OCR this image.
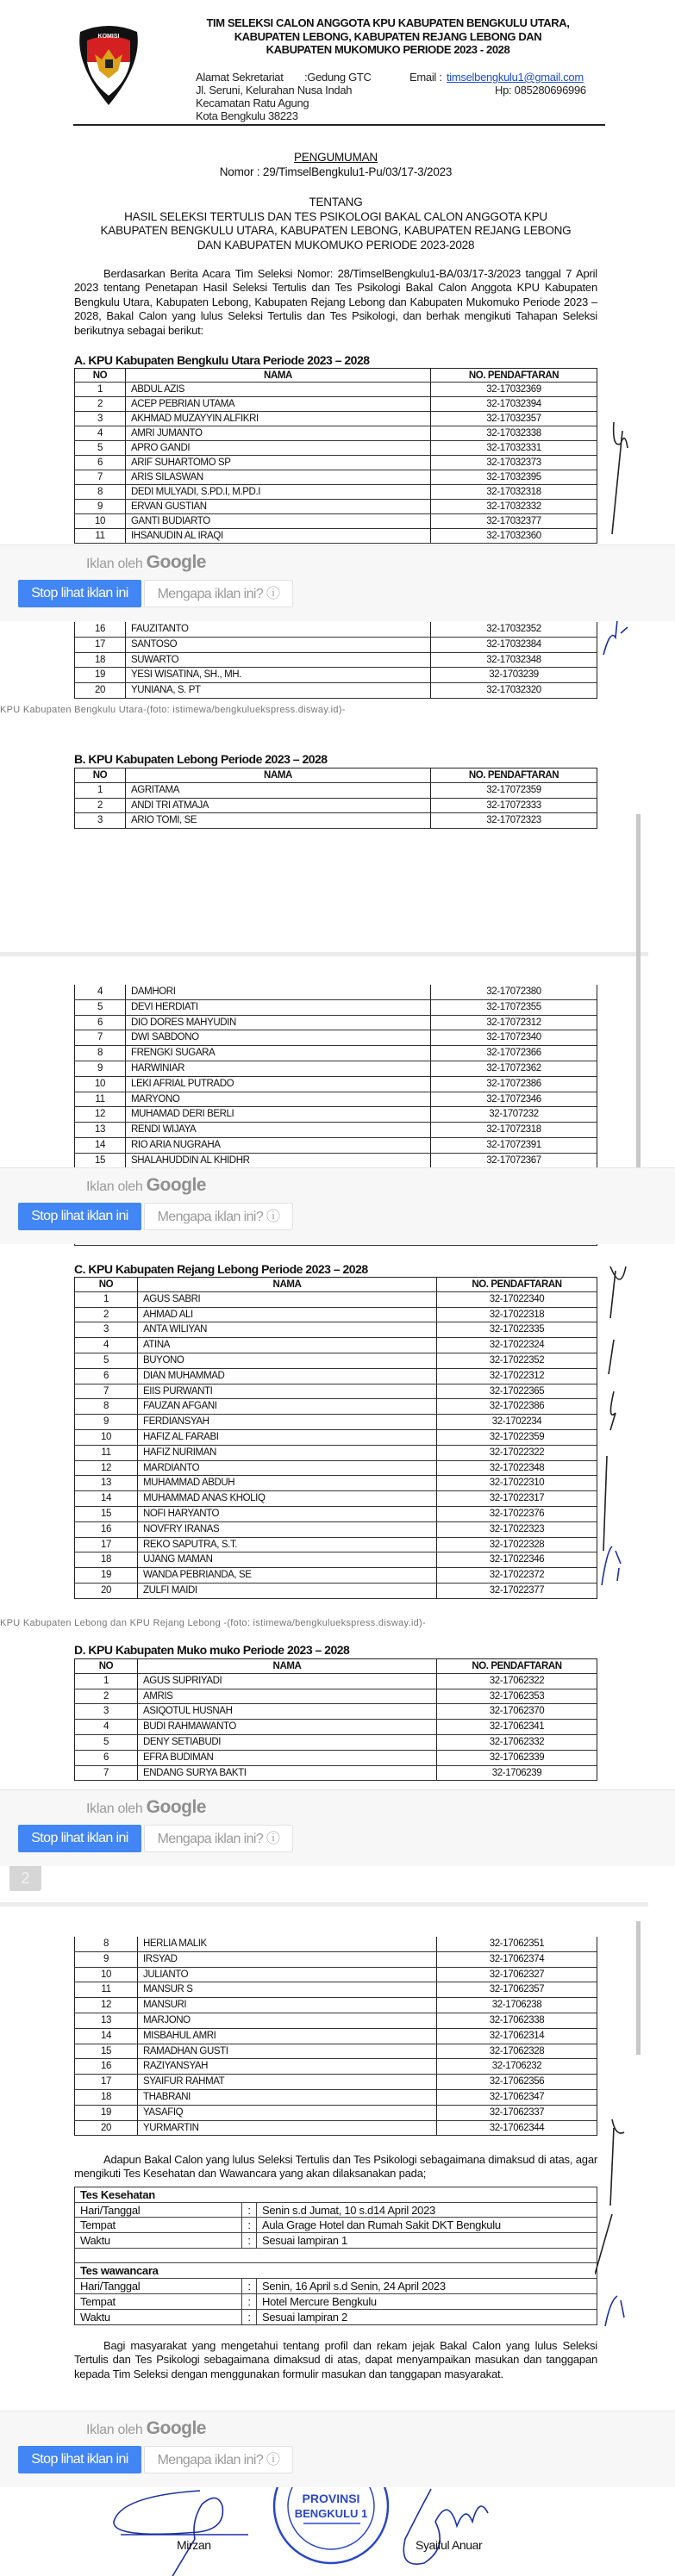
KOMISI
TIM SELEKSI CALON ANGGOTA KPU KABUPATEN BENGKULU UTARA,
KABUPATEN LEBONG, KABUPATEN REJANG LEBONG DAN
KABUPATEN MUKOMUKO PERIODE 2023 - 2028
Alamat Sekretariat :Gedung GTC
Jl. Seruni, Kelurahan Nusa Indah
Kecamatan Ratu Agung
Kota Bengkulu 38223
Email : timselbengkulu1@gmail.com
Hp: 085280696996
PENGUMUMAN
Nomor : 29/TimselBengkulu1-Pu/03/17-3/2023
TENTANG
HASIL SELEKSI TERTULIS DAN TES PSIKOLOGI BAKAL CALON ANGGOTA KPU
KABUPATEN BENGKULU UTARA, KABUPATEN LEBONG, KABUPATEN REJANG LEBONG
DAN KABUPATEN MUKOMUKO PERIODE 2023-2028
Berdasarkan Berita Acara Tim Seleksi Nomor: 28/TimselBengkulu1-BA/03/17-3/2023 tanggal 7 April 2023 tentang Penetapan Hasil Seleksi Tertulis dan Tes Psikologi Bakal Calon Anggota KPU Kabupaten Bengkulu Utara, Kabupaten Lebong, Kabupaten Rejang Lebong dan Kabupaten Mukomuko Periode 2023 – 2028, Bakal Calon yang lulus Seleksi Tertulis dan Tes Psikologi, dan berhak mengikuti Tahapan Seleksi berikutnya sebagai berikut:
A. KPU Kabupaten Bengkulu Utara Periode 2023 – 2028
NO	NAMA	NO. PENDAFTARAN
1	ABDUL AZIS	32-17032369
2	ACEP PEBRIAN UTAMA	32-17032394
3	AKHMAD MUZAYYIN ALFIKRI	32-17032357
4	AMRI JUMANTO	32-17032338
5	APRO GANDI	32-17032331
6	ARIF SUHARTOMO SP	32-17032373
7	ARIS SILASWAN	32-17032395
8	DEDI MULYADI, S.PD.I, M.PD.I	32-17032318
9	ERVAN GUSTIAN	32-17032332
10	GANTI BUDIARTO	32-17032377
11	IHSANUDIN AL IRAQI	32-17032360
16	FAUZITANTO	32-17032352
17	SANTOSO	32-17032384
18	SUWARTO	32-17032348
19	YESI WISATINA, SH., MH.	32-1703239
20	YUNIANA, S. PT	32-17032320
KPU Kabupaten Bengkulu Utara-(foto: istimewa/bengkuluekspress.disway.id)-
B. KPU Kabupaten Lebong Periode 2023 – 2028
NO	NAMA	NO. PENDAFTARAN
1	AGRITAMA	32-17072359
2	ANDI TRI ATMAJA	32-17072333
3	ARIO TOMI, SE	32-17072323
4	DAMHORI	32-17072380
5	DEVI HERDIATI	32-17072355
6	DIO DORES MAHYUDIN	32-17072312
7	DWI SABDONO	32-17072340
8	FRENGKI SUGARA	32-17072366
9	HARWINIAR	32-17072362
10	LEKI AFRIAL PUTRADO	32-17072386
11	MARYONO	32-17072346
12	MUHAMAD DERI BERLI	32-1707232
13	RENDI WIJAYA	32-17072318
14	RIO ARIA NUGRAHA	32-17072391
15	SHALAHUDDIN AL KHIDHR	32-17072367
C. KPU Kabupaten Rejang Lebong Periode 2023 – 2028
NO	NAMA	NO. PENDAFTARAN
1	AGUS SABRI	32-17022340
2	AHMAD ALI	32-17022318
3	ANTA WILIYAN	32-17022335
4	ATINA	32-17022324
5	BUYONO	32-17022352
6	DIAN MUHAMMAD	32-17022312
7	EIIS PURWANTI	32-17022365
8	FAUZAN AFGANI	32-17022386
9	FERDIANSYAH	32-1702234
10	HAFIZ AL FARABI	32-17022359
11	HAFIZ NURIMAN	32-17022322
12	MARDIANTO	32-17022348
13	MUHAMMAD ABDUH	32-17022310
14	MUHAMMAD ANAS KHOLIQ	32-17022317
15	NOFI HARYANTO	32-17022376
16	NOVFRY IRANAS	32-17022323
17	REKO SAPUTRA, S.T.	32-17022328
18	UJANG MAMAN	32-17022346
19	WANDA PEBRIANDA, SE	32-17022372
20	ZULFI MAIDI	32-17022377
KPU Kabupaten Lebong dan KPU Rejang Lebong -(foto: istimewa/bengkuluekspress.disway.id)-
D. KPU Kabupaten Muko muko Periode 2023 – 2028
NO	NAMA	NO. PENDAFTARAN
1	AGUS SUPRIYADI	32-17062322
2	AMRIS	32-17062353
3	ASIQOTUL HUSNAH	32-17062370
4	BUDI RAHMAWANTO	32-17062341
5	DENY SETIABUDI	32-17062332
6	EFRA BUDIMAN	32-17062339
7	ENDANG SURYA BAKTI	32-1706239
2
8	HERLIA MALIK	32-17062351
9	IRSYAD	32-17062374
10	JULIANTO	32-17062327
11	MANSUR S	32-17062357
12	MANSURI	32-1706238
13	MARJONO	32-17062338
14	MISBAHUL AMRI	32-17062314
15	RAMADHAN GUSTI	32-17062328
16	RAZIYANSYAH	32-1706232
17	SYAIFUR RAHMAT	32-17062356
18	THABRANI	32-17062347
19	YASAFIQ	32-17062337
20	YURMARTIN	32-17062344
Adapun Bakal Calon yang lulus Seleksi Tertulis dan Tes Psikologi sebagaimana dimaksud di atas, agar mengikuti Tes Kesehatan dan Wawancara yang akan dilaksanakan pada;
Tes Kesehatan
Hari/Tanggal	:	Senin s.d Jumat, 10 s.d14 April 2023
Tempat	:	Aula Grage Hotel dan Rumah Sakit DKT Bengkulu
Waktu	:	Sesuai lampiran 1
Tes wawancara
Hari/Tanggal	:	Senin, 16 April s.d Senin, 24 April 2023
Tempat	:	Hotel Mercure Bengkulu
Waktu	:	Sesuai lampiran 2
Bagi masyarakat yang mengetahui tentang profil dan rekam jejak Bakal Calon yang lulus Seleksi Tertulis dan Tes Psikologi sebagaimana dimaksud di atas, dapat menyampaikan masukan dan tanggapan kepada Tim Seleksi dengan menggunakan formulir masukan dan tanggapan masyarakat.
PROVINSI
BENGKULU 1
Mirzan	Syaiful Anuar
Iklan oleh Google
Stop lihat iklan ini	Mengapa iklan ini? ⓘ
Iklan oleh Google
Stop lihat iklan ini	Mengapa iklan ini? ⓘ
Iklan oleh Google
Stop lihat iklan ini	Mengapa iklan ini? ⓘ
Iklan oleh Google
Stop lihat iklan ini	Mengapa iklan ini? ⓘ
